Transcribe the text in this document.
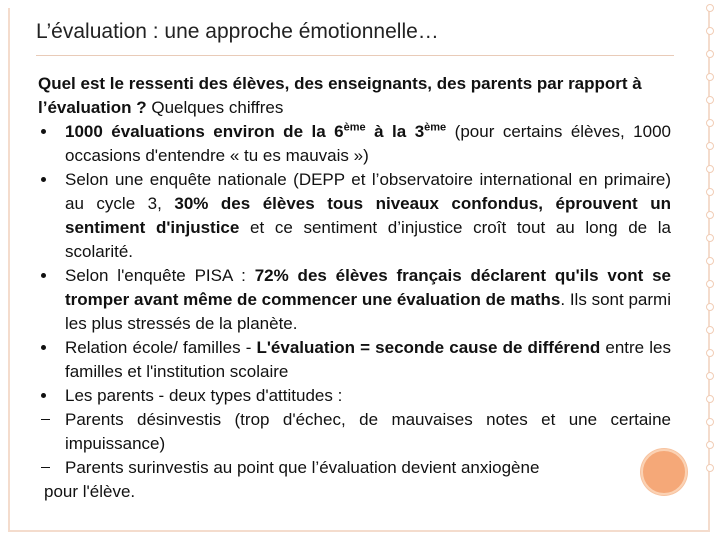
L’évaluation : une approche émotionnelle…

Quel est le ressenti des élèves, des enseignants, des parents par rapport à l’évaluation ? Quelques chiffres

1000 évaluations environ de la 6ème à la 3ème (pour certains élèves, 1000 occasions d'entendre « tu es mauvais »)
Selon une enquête nationale (DEPP et l’observatoire international en primaire) au cycle 3, 30% des élèves tous niveaux confondus, éprouvent un sentiment d'injustice et ce sentiment d’injustice croît tout au long de la scolarité.
Selon l'enquête PISA : 72% des élèves français déclarent qu'ils vont se tromper avant même de commencer une évaluation de maths. Ils sont parmi les plus stressés de la planète.
Relation école/ familles - L'évaluation = seconde cause de différend entre les familles et l'institution scolaire
Les parents - deux types d'attitudes :
Parents désinvestis (trop d'échec, de mauvaises notes et une certaine impuissance)
Parents surinvestis au point que l’évaluation devient anxiogène
pour l'élève.
